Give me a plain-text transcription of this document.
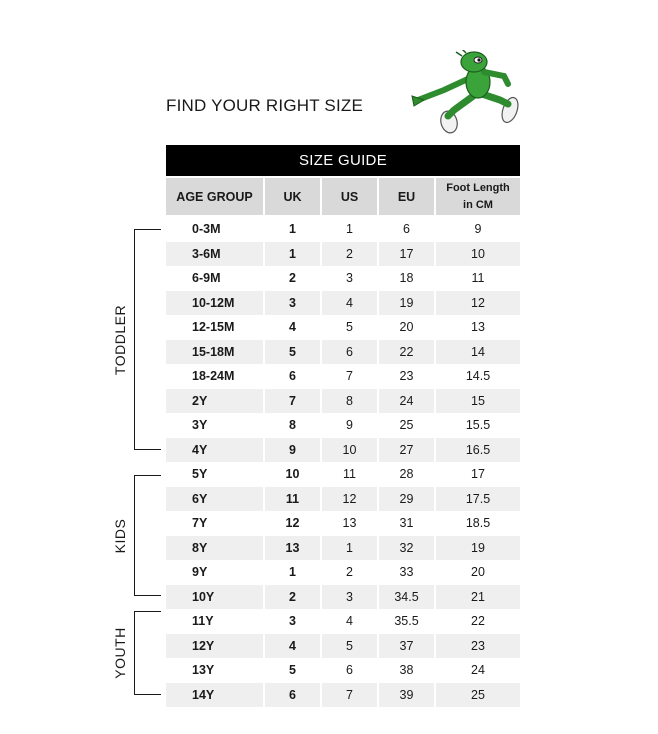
FIND YOUR RIGHT SIZE
SIZE GUIDE
AGE GROUP	UK	US	EU	Foot Length
in CM
0-3M	1	1	6	9
3-6M	1	2	17	10
6-9M	2	3	18	11
10-12M	3	4	19	12
12-15M	4	5	20	13
15-18M	5	6	22	14
18-24M	6	7	23	14.5
2Y	7	8	24	15
3Y	8	9	25	15.5
4Y	9	10	27	16.5
5Y	10	11	28	17
6Y	11	12	29	17.5
7Y	12	13	31	18.5
8Y	13	1	32	19
9Y	1	2	33	20
10Y	2	3	34.5	21
11Y	3	4	35.5	22
12Y	4	5	37	23
13Y	5	6	38	24
14Y	6	7	39	25
TODDLER
KIDS
YOUTH
